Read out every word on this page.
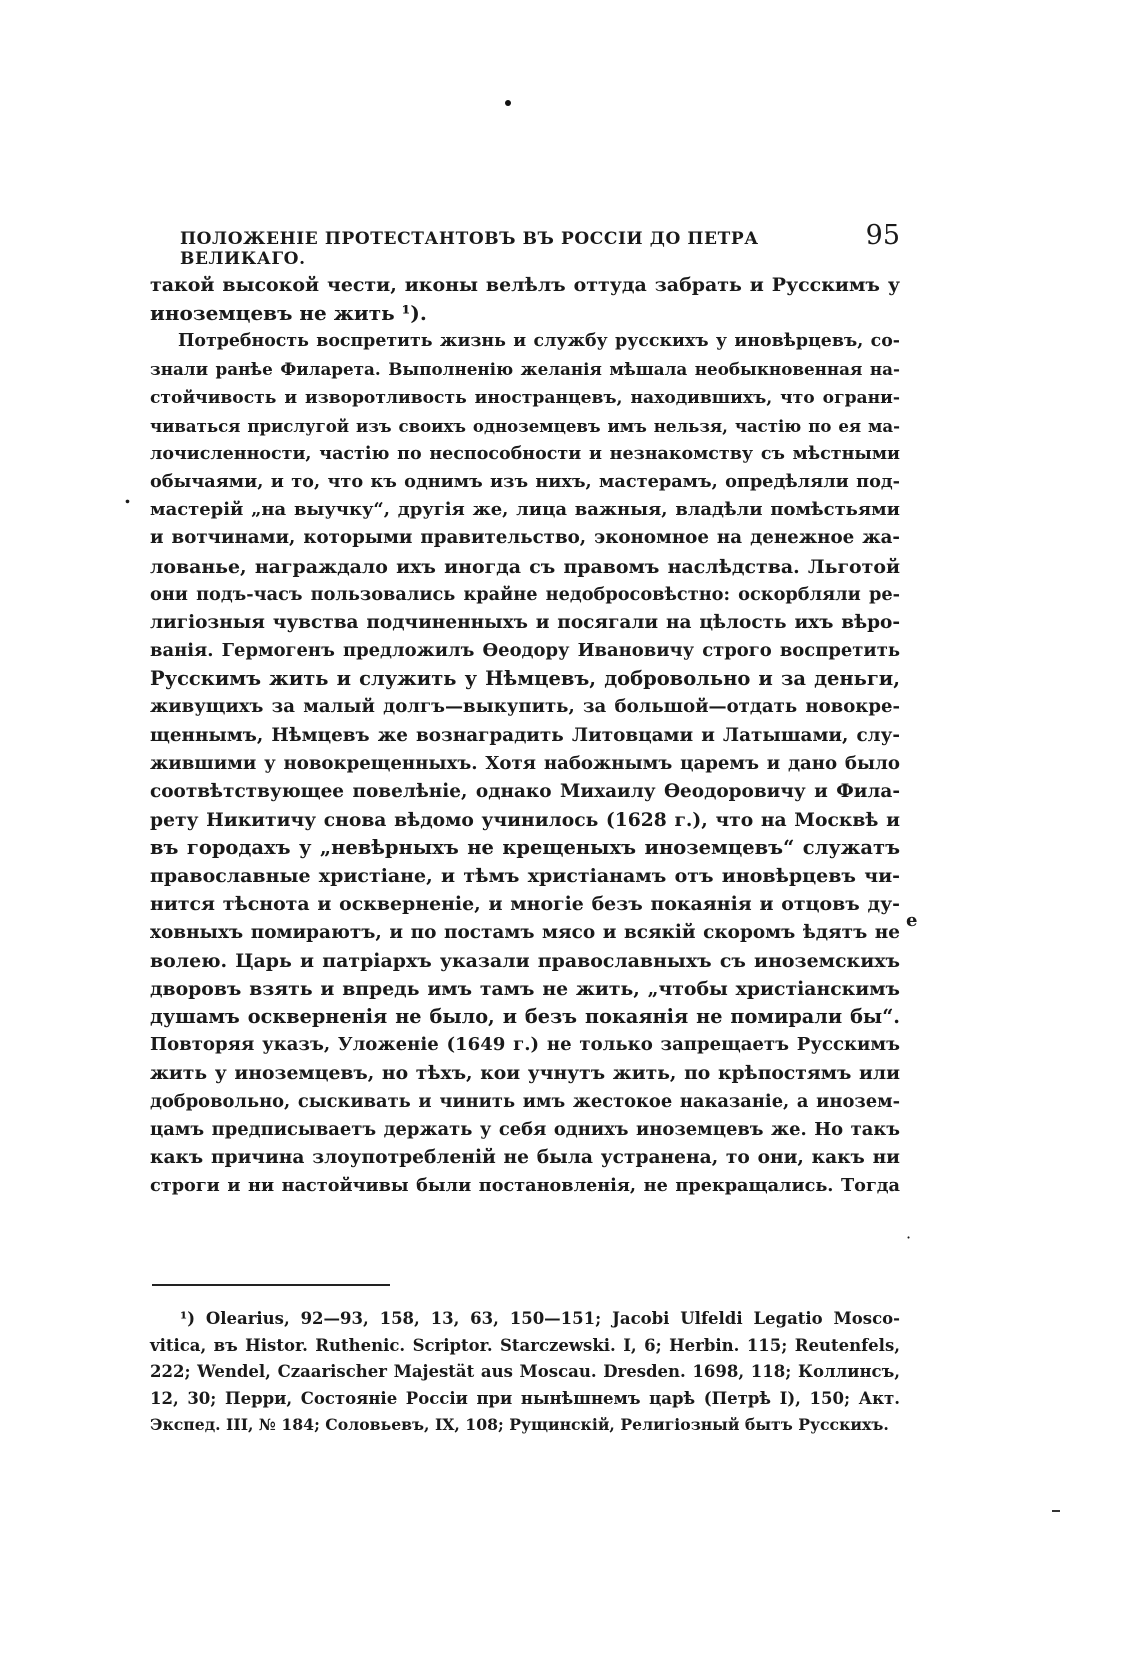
ПОЛОЖЕНІЕ ПРОТЕСТАНТОВЪ ВЪ РОССІИ ДО ПЕТРА ВЕЛИКАГО.
95
такой высокой чести, иконы велѣлъ оттуда забрать и Русскимъ у
иноземцевъ не жить ¹).
Потребность воспретить жизнь и службу русскихъ у иновѣрцевъ, со-
знали ранѣе Филарета. Выполненію желанія мѣшала необыкновенная на-
стойчивость и изворотливость иностранцевъ, находившихъ, что ограни-
чиваться прислугой изъ своихъ одноземцевъ имъ нельзя, частію по ея ма-
лочисленности, частію по неспособности и незнакомству съ мѣстными
обычаями, и то, что къ однимъ изъ нихъ, мастерамъ, опредѣляли под-
мастерій „на выучку“, другія же, лица важныя, владѣли помѣстьями
и вотчинами, которыми правительство, экономное на денежное жа-
лованье, награждало ихъ иногда съ правомъ наслѣдства. Льготой
они подъ-часъ пользовались крайне недобросовѣстно: оскорбляли ре-
лигіозныя чувства подчиненныхъ и посягали на цѣлость ихъ вѣро-
ванія. Гермогенъ предложилъ Ѳеодору Ивановичу строго воспретить
Русскимъ жить и служить у Нѣмцевъ, добровольно и за деньги,
живущихъ за малый долгъ—выкупить, за большой—отдать новокре-
щеннымъ, Нѣмцевъ же вознаградить Литовцами и Латышами, слу-
жившими у новокрещенныхъ. Хотя набожнымъ царемъ и дано было
соотвѣтствующее повелѣніе, однако Михаилу Ѳеодоровичу и Фила-
рету Никитичу снова вѣдомо учинилось (1628 г.), что на Москвѣ и
въ городахъ у „невѣрныхъ не крещеныхъ иноземцевъ“ служатъ
православные христіане, и тѣмъ христіанамъ отъ иновѣрцевъ чи-
нится тѣснота и оскверненіе, и многіе безъ покаянія и отцовъ ду-
ховныхъ помираютъ, и по постамъ мясо и всякій скоромъ ѣдятъ не
волею. Царь и патріархъ указали православныхъ съ иноземскихъ
дворовъ взять и впредь имъ тамъ не жить, „чтобы христіанскимъ
душамъ оскверненія не было, и безъ покаянія не помирали бы“.
Повторяя указъ, Уложеніе (1649 г.) не только запрещаетъ Русскимъ
жить у иноземцевъ, но тѣхъ, кои учнутъ жить, по крѣпостямъ или
добровольно, сыскивать и чинить имъ жестокое наказаніе, а инозем-
цамъ предписываетъ держать у себя однихъ иноземцевъ же. Но такъ
какъ причина злоупотребленій не была устранена, то они, какъ ни
строги и ни настойчивы были постановленія, не прекращались. Тогда
.
е
·
¹) Olearius, 92—93, 158, 13, 63, 150—151; Jacobi Ulfeldi Legatio Mosco-
vitica, въ Histor. Ruthenic. Scriptor. Starczewski. I, 6; Herbin. 115; Reutenfels,
222; Wendel, Czaarischer Majestät aus Moscau. Dresden. 1698, 118; Коллинсъ,
12, 30; Перри, Состояніе Россіи при нынѣшнемъ царѣ (Петрѣ I), 150; Акт.
Экспед. III, № 184; Соловьевъ, IX, 108; Рущинскій, Религіозный бытъ Русскихъ.
